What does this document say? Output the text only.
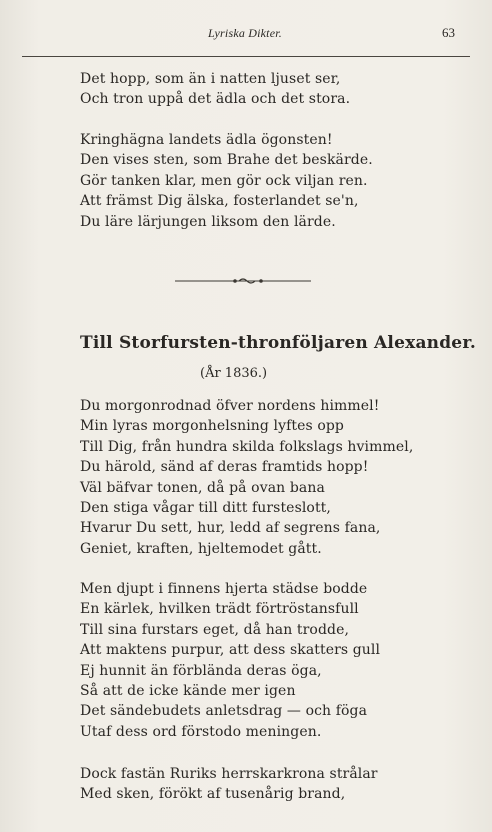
Lyriska Dikter.	63
Det hopp, som än i natten ljuset ser,
Och tron uppå det ädla och det stora.
Kringhägna landets ädla ögonsten!
Den vises sten, som Brahe det beskärde.
Gör tanken klar, men gör ock viljan ren.
Att främst Dig älska, fosterlandet se'n,
Du läre lärjungen liksom den lärde.
Till Storfursten-thronföljaren Alexander.
(År 1836.)
Du morgonrodnad öfver nordens himmel!
Min lyras morgonhelsning lyftes opp
Till Dig, från hundra skilda folkslags hvimmel,
Du härold, sänd af deras framtids hopp!
Väl bäfvar tonen, då på ovan bana
Den stiga vågar till ditt fursteslott,
Hvarur Du sett, hur, ledd af segrens fana,
Geniet, kraften, hjeltemodet gått.
Men djupt i finnens hjerta städse bodde
En kärlek, hvilken trädt förtröstansfull
Till sina furstars eget, då han trodde,
Att maktens purpur, att dess skatters gull
Ej hunnit än förblända deras öga,
Så att de icke kände mer igen
Det sändebudets anletsdrag — och föga
Utaf dess ord förstodo meningen.
Dock fastän Ruriks herrskarkrona strålar
Med sken, förökt af tusenårig brand,
